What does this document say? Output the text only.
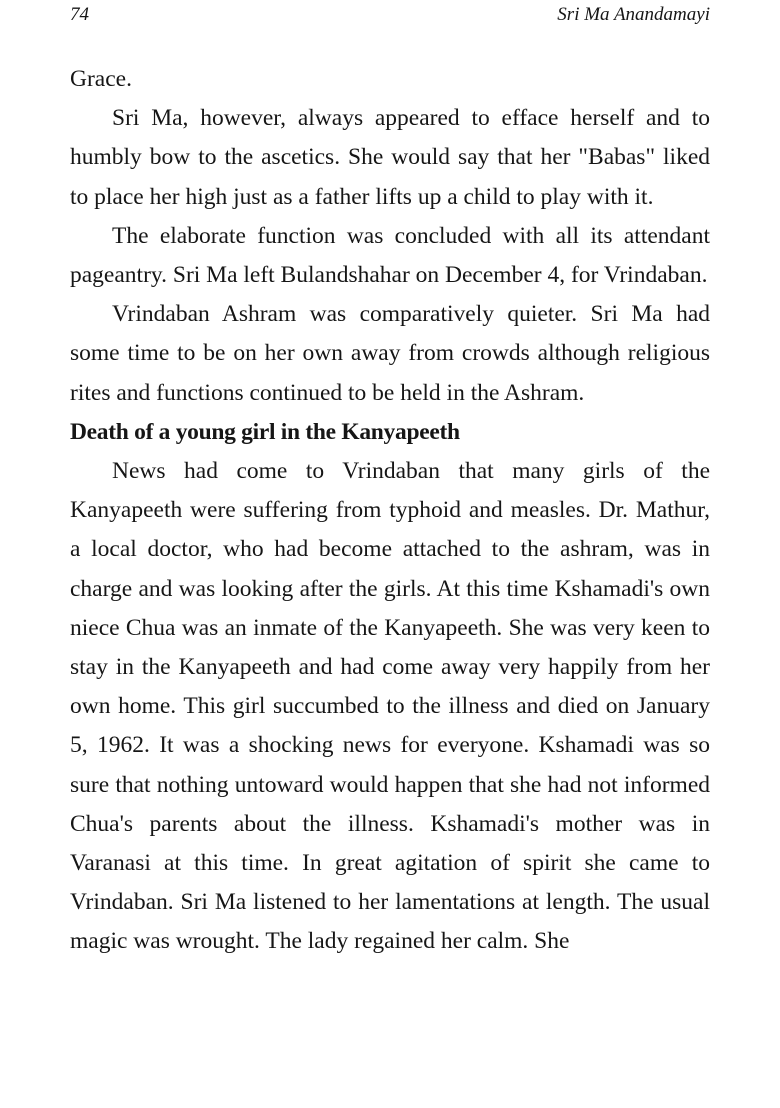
74	Sri Ma Anandamayi

Grace.

Sri Ma, however, always appeared to efface herself and to humbly bow to the ascetics. She would say that her "Babas" liked to place her high just as a father lifts up a child to play with it.

The elaborate function was concluded with all its attendant pageantry. Sri Ma left Bulandshahar on December 4, for Vrindaban.

Vrindaban Ashram was comparatively quieter. Sri Ma had some time to be on her own away from crowds although religious rites and functions continued to be held in the Ashram.

Death of a young girl in the Kanyapeeth

News had come to Vrindaban that many girls of the Kanyapeeth were suffering from typhoid and measles. Dr. Mathur, a local doctor, who had become attached to the ashram, was in charge and was looking after the girls. At this time Kshamadi's own niece Chua was an inmate of the Kanyapeeth. She was very keen to stay in the Kanyapeeth and had come away very happily from her own home. This girl succumbed to the illness and died on January 5, 1962. It was a shocking news for everyone. Kshamadi was so sure that nothing untoward would happen that she had not informed Chua's parents about the illness. Kshamadi's mother was in Varanasi at this time. In great agitation of spirit she came to Vrindaban. Sri Ma listened to her lamentations at length. The usual magic was wrought. The lady regained her calm. She
